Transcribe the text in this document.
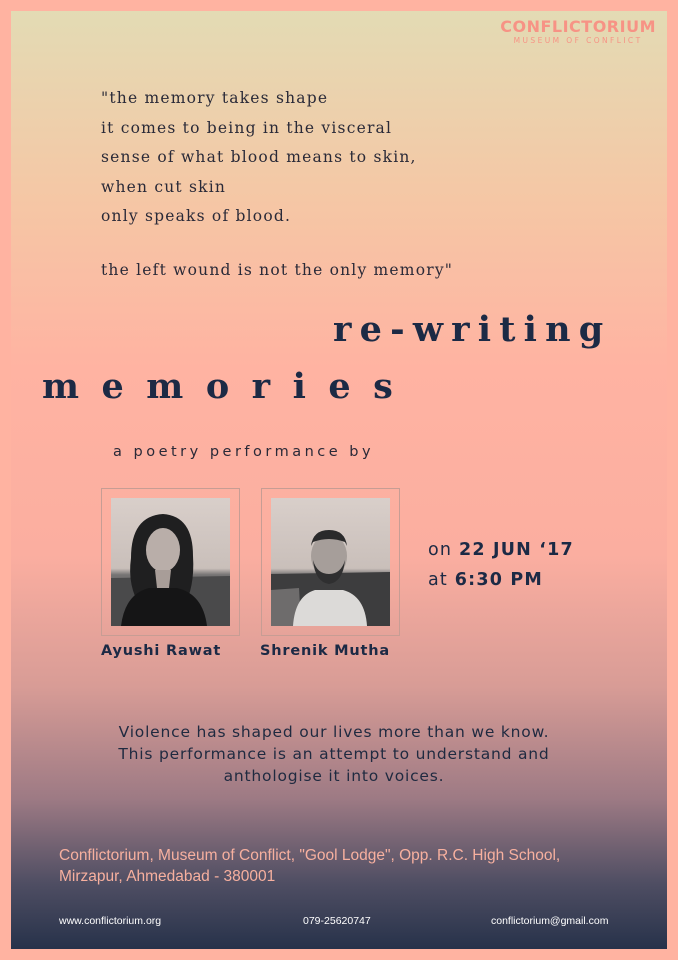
CONFLICTORIUM
MUSEUM OF CONFLICT
"the memory takes shape
it comes to being in the visceral
sense of what blood means to skin,
when cut skin
only speaks of blood.
the left wound is not the only memory"
re-writing
memories
a poetry performance by
Ayushi Rawat	Shrenik Mutha
on 22 JUN ‘17
at 6:30 PM
Violence has shaped our lives more than we know.
This performance is an attempt to understand and
anthologise it into voices.
Conflictorium, Museum of Conflict, "Gool Lodge", Opp. R.C. High School,
Mirzapur, Ahmedabad - 380001
www.conflictorium.org	079-25620747	conflictorium@gmail.com
